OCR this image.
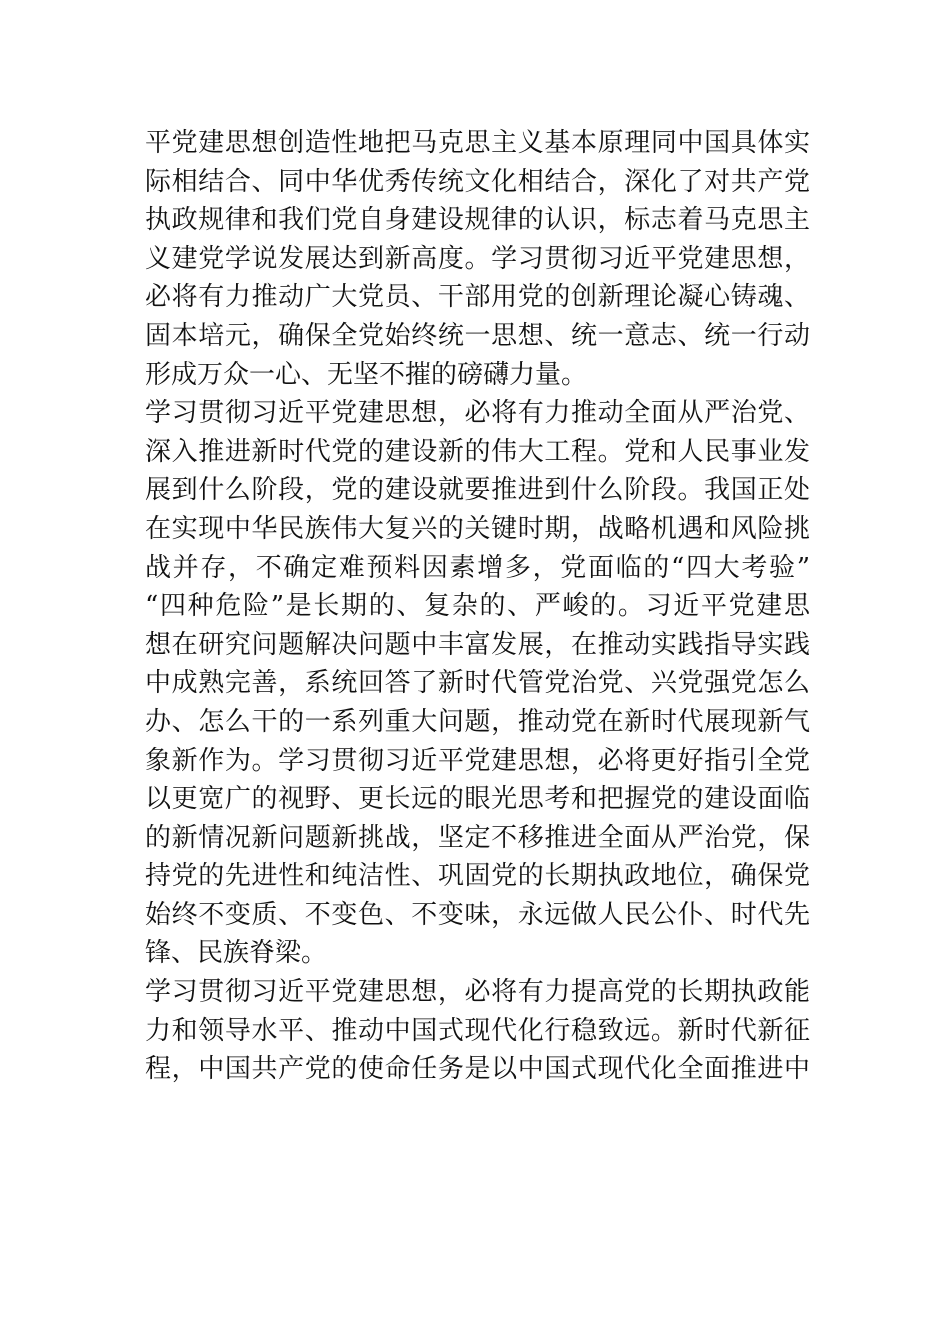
平党建思想创造性地把马克思主义基本原理同中国具体实
际相结合、同中华优秀传统文化相结合，深化了对共产党
执政规律和我们党自身建设规律的认识，标志着马克思主
义建党学说发展达到新高度。学习贯彻习近平党建思想，
必将有力推动广大党员、干部用党的创新理论凝心铸魂、
固本培元，确保全党始终统一思想、统一意志、统一行动
形成万众一心、无坚不摧的磅礴力量。
学习贯彻习近平党建思想，必将有力推动全面从严治党、
深入推进新时代党的建设新的伟大工程。党和人民事业发
展到什么阶段，党的建设就要推进到什么阶段。我国正处
在实现中华民族伟大复兴的关键时期，战略机遇和风险挑
战并存，不确定难预料因素增多，党面临的“四大考验”
“四种危险”是长期的、复杂的、严峻的。习近平党建思
想在研究问题解决问题中丰富发展，在推动实践指导实践
中成熟完善，系统回答了新时代管党治党、兴党强党怎么
办、怎么干的一系列重大问题，推动党在新时代展现新气
象新作为。学习贯彻习近平党建思想，必将更好指引全党
以更宽广的视野、更长远的眼光思考和把握党的建设面临
的新情况新问题新挑战，坚定不移推进全面从严治党，保
持党的先进性和纯洁性、巩固党的长期执政地位，确保党
始终不变质、不变色、不变味，永远做人民公仆、时代先
锋、民族脊梁。
学习贯彻习近平党建思想，必将有力提高党的长期执政能
力和领导水平、推动中国式现代化行稳致远。新时代新征
程，中国共产党的使命任务是以中国式现代化全面推进中
